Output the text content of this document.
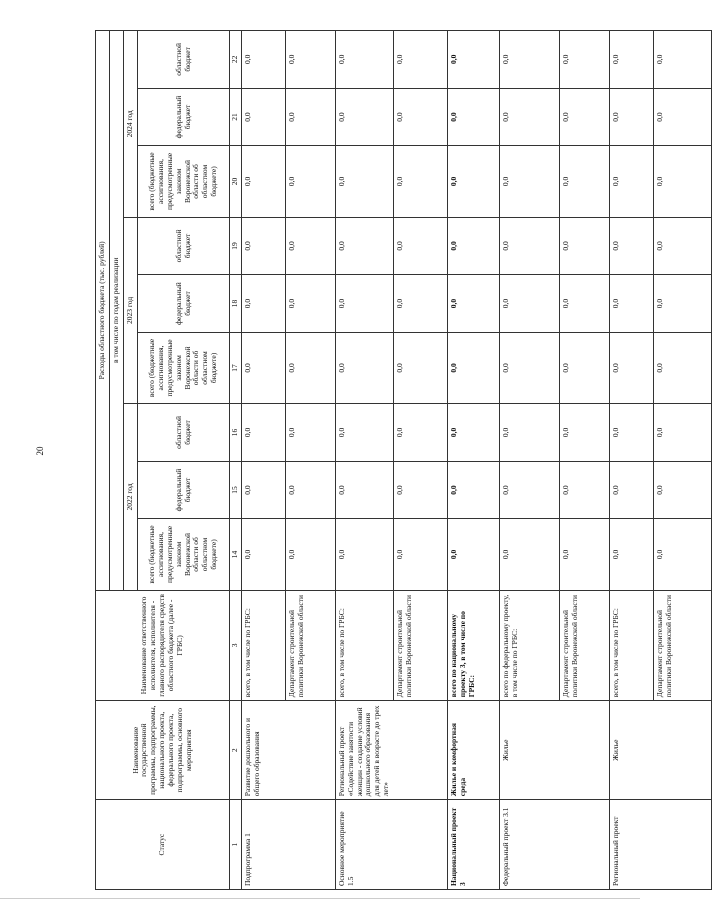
20
Статус	Наименование государственной программы, подпрограммы, национального проекта, федерального проекта, подпрограммы, основного мероприятия	Наименование ответственного исполнителя, исполнителя - главного распорядителя средств областного бюджета (далее - ГРБС)	Расходы областного бюджета (тыс. рублей)								
			в том числе по годам реализации								
			2022 год			2023 год			2024 год		
			всего (бюджетные ассигнования, предусмотренные законом Воронежской области об областном бюджете)	федеральный бюджет	областной бюджет	всего (бюджетные ассигнования, предусмотренные законом Воронежской области об областном бюджете)	федеральный бюджет	областной бюджет	всего (бюджетные ассигнования, предусмотренные законом Воронежской области об областном бюджете)	федеральный бюджет	областной бюджет
1	2	3	14	15	16	17	18	19	20	21	22
Подпрограмма 1	Развитие дошкольного и общего образования	всего, в том числе по ГРБС:	0,0	0,0	0,0	0,0	0,0	0,0	0,0	0,0	0,0
		Департамент строительной политики Воронежской области	0,0	0,0	0,0	0,0	0,0	0,0	0,0	0,0	0,0
Основное мероприятие 1.5	Региональный проект «Содействие занятости женщин - создание условий дошкольного образования для детей в возрасте до трех лет»	всего, в том числе по ГРБС:	0,0	0,0	0,0	0,0	0,0	0,0	0,0	0,0	0,0
		Департамент строительной политики Воронежской области	0,0	0,0	0,0	0,0	0,0	0,0	0,0	0,0	0,0
Национальный проект 3	Жилье и комфортная среда	всего по национальному проекту 3, в том числе по ГРБС:	0,0	0,0	0,0	0,0	0,0	0,0	0,0	0,0	0,0
Федеральный проект 3.1	Жилье	всего по федеральному проекту, в том числе по ГРБС:	0,0	0,0	0,0	0,0	0,0	0,0	0,0	0,0	0,0
		Департамент строительной политики Воронежской области	0,0	0,0	0,0	0,0	0,0	0,0	0,0	0,0	0,0
Региональный проект	Жилье	всего, в том числе по ГРБС:	0,0	0,0	0,0	0,0	0,0	0,0	0,0	0,0	0,0
		Департамент строительной политики Воронежской области	0,0	0,0	0,0	0,0	0,0	0,0	0,0	0,0	0,0
